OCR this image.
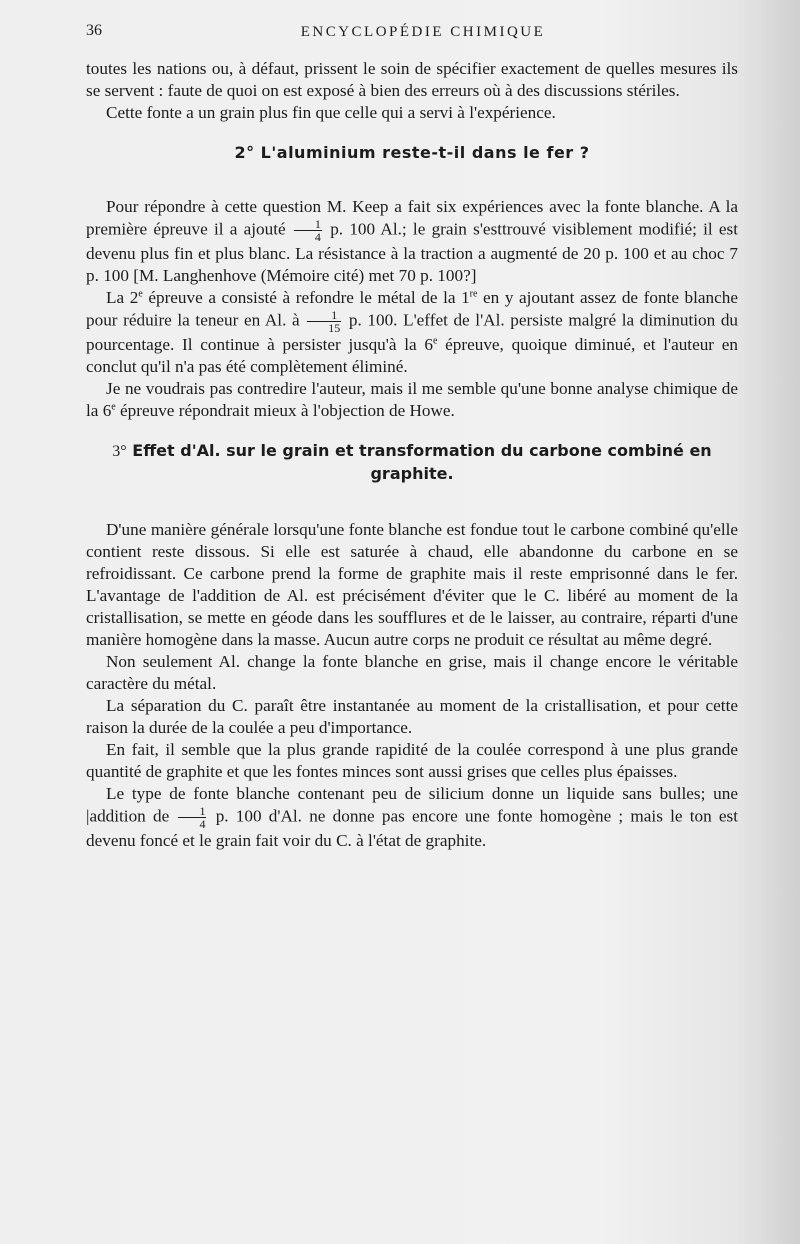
36	ENCYCLOPÉDIE CHIMIQUE

toutes les nations ou, à défaut, prissent le soin de spécifier exactement de quelles mesures ils se servent : faute de quoi on est exposé à bien des erreurs où à des discussions stériles.

Cette fonte a un grain plus fin que celle qui a servi à l'expérience.

2° L'aluminium reste-t-il dans le fer ?

Pour répondre à cette question M. Keep a fait six expériences avec la fonte blanche. A la première épreuve il a ajouté $\frac{1}{4} p$. 100 Al.; le grain s'esttrouvé visiblement modifié; il est devenu plus fin et plus blanc. La résistance à la traction a augmenté de 20 p. 100 et au choc 7 p. 100 [M. Langhenhove (Mémoire cité) met 70 p. 100?]

La 2e épreuve a consisté à refondre le métal de la 1re en y ajoutant assez de fonte blanche pour réduire la teneur en Al. à $\frac{1}{15} p$. 100. L'effet de l'Al. persiste malgré la diminution du pourcentage. Il continue à persister jusqu'à la 6e épreuve, quoique diminué, et l'auteur en conclut qu'il n'a pas été complètement éliminé.

Je ne voudrais pas contredire l'auteur, mais il me semble qu'une bonne analyse chimique de la 6e épreuve répondrait mieux à l'objection de Howe.

3° Effet d'Al. sur le grain et transformation du carbone combiné en graphite.

D'une manière générale lorsqu'une fonte blanche est fondue tout le carbone combiné qu'elle contient reste dissous. Si elle est saturée à chaud, elle abandonne du carbone en se refroidissant. Ce carbone prend la forme de graphite mais il reste emprisonné dans le fer. L'avantage de l'addition de Al. est précisément d'éviter que le C. libéré au moment de la cristallisation, se mette en géode dans les soufflures et de le laisser, au contraire, réparti d'une manière homogène dans la masse. Aucun autre corps ne produit ce résultat au même degré.

Non seulement Al. change la fonte blanche en grise, mais il change encore le véritable caractère du métal.

La séparation du C. paraît être instantanée au moment de la cristallisation, et pour cette raison la durée de la coulée a peu d'importance.

En fait, il semble que la plus grande rapidité de la coulée correspond à une plus grande quantité de graphite et que les fontes minces sont aussi grises que celles plus épaisses.

Le type de fonte blanche contenant peu de silicium donne un liquide sans bulles; une |addition de $\frac{1}{4} p$. 100 d'Al. ne donne pas encore une fonte homogène ; mais le ton est devenu foncé et le grain fait voir du C. à l'état de graphite.
